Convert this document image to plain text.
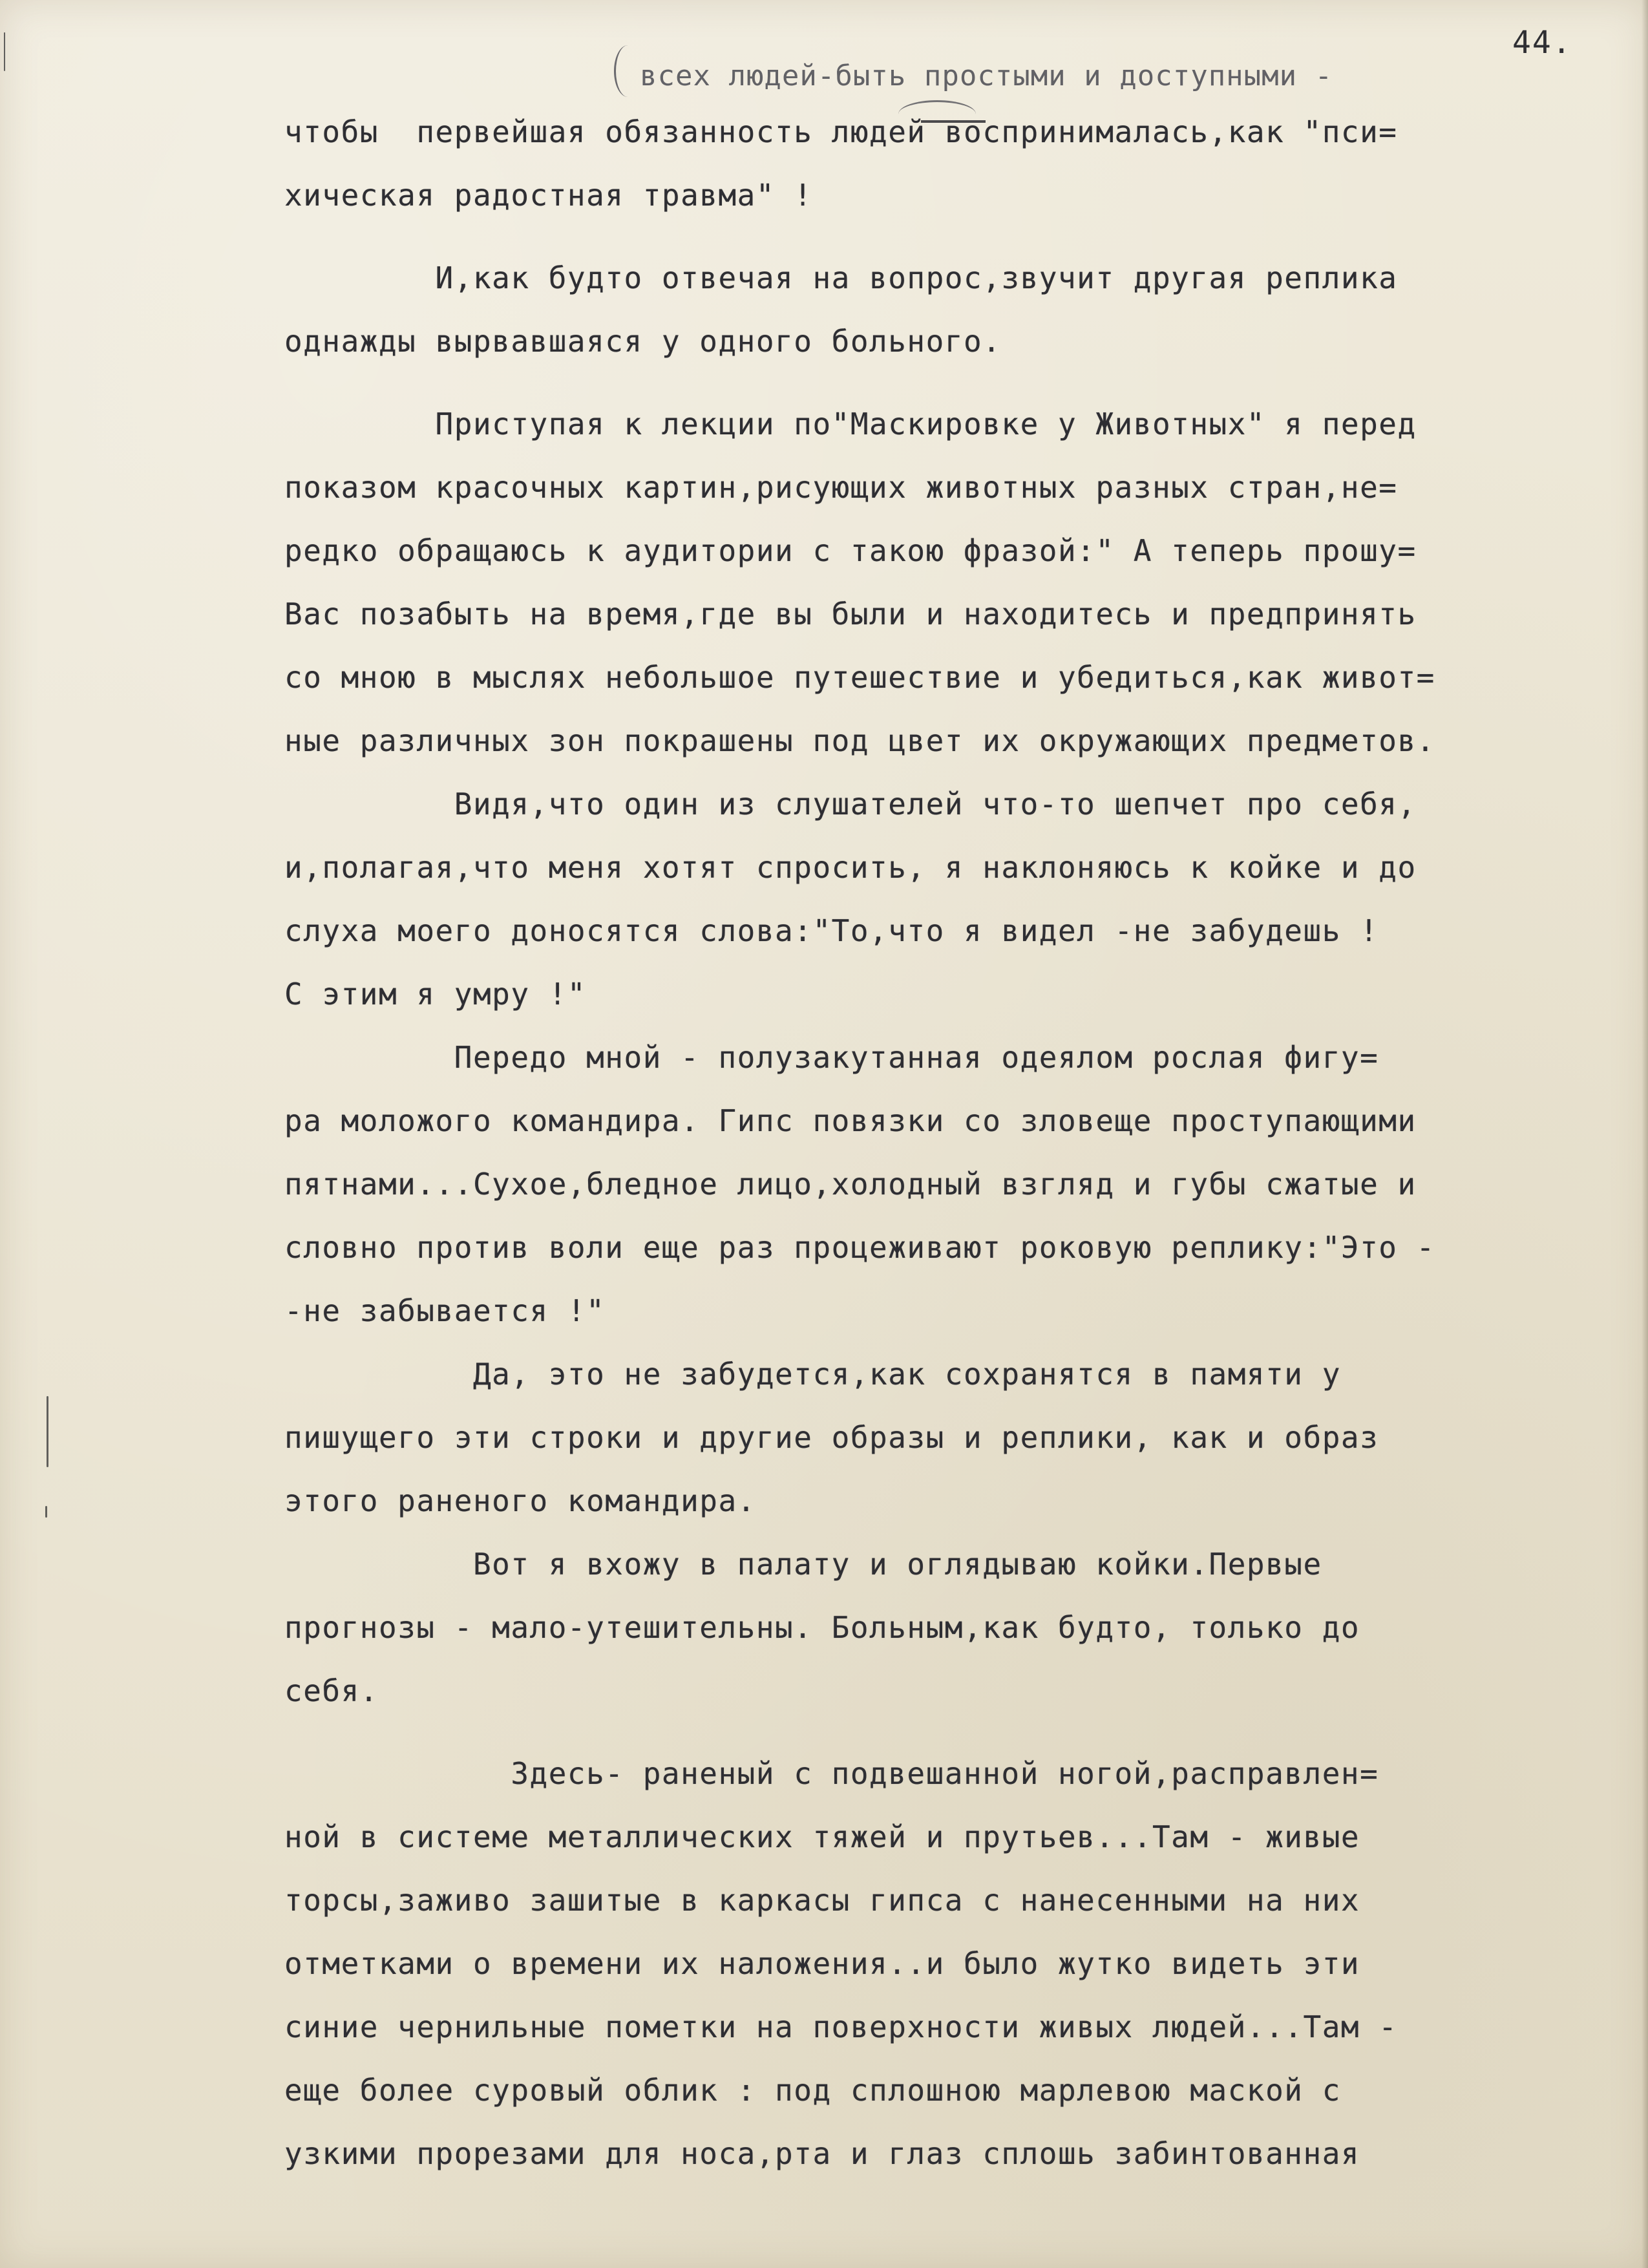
44.
всех людей-быть простыми и доступными -
чтобы  первейшая обязанность людей воспринималась,как "пси=
хическая радостная травма" !
И,как будто отвечая на вопрос,звучит другая реплика
однажды вырвавшаяся у одного больного.
Приступая к лекции по"Маскировке у Животных" я перед
показом красочных картин,рисующих животных разных стран,не=
редко обращаюсь к аудитории с такою фразой:" А теперь прошу=
Вас позабыть на время,где вы были и находитесь и предпринять
со мною в мыслях небольшое путешествие и убедиться,как живот=
ные различных зон покрашены под цвет их окружающих предметов.
Видя,что один из слушателей что-то шепчет про себя,
и,полагая,что меня хотят спросить, я наклоняюсь к койке и до
слуха моего доносятся слова:"То,что я видел -не забудешь !
С этим я умру !"
Передо мной - полузакутанная одеялом рослая фигу=
ра моложого командира. Гипс повязки со зловеще проступающими
пятнами...Сухое,бледное лицо,холодный взгляд и губы сжатые и
словно против воли еще раз процеживают роковую реплику:"Это -
-не забывается !"
Да, это не забудется,как сохранятся в памяти у
пишущего эти строки и другие образы и реплики, как и образ
этого раненого командира.
Вот я вхожу в палату и оглядываю койки.Первые
прогнозы - мало-утешительны. Больным,как будто, только до
себя.
Здесь- раненый с подвешанной ногой,расправлен=
ной в системе металлических тяжей и прутьев...Там - живые
торсы,заживо зашитые в каркасы гипса с нанесенными на них
отметками о времени их наложения..и было жутко видеть эти
синие чернильные пометки на поверхности живых людей...Там -
еще более суровый облик : под сплошною марлевою маской с
узкими прорезами для носа,рта и глаз сплошь забинтованная
